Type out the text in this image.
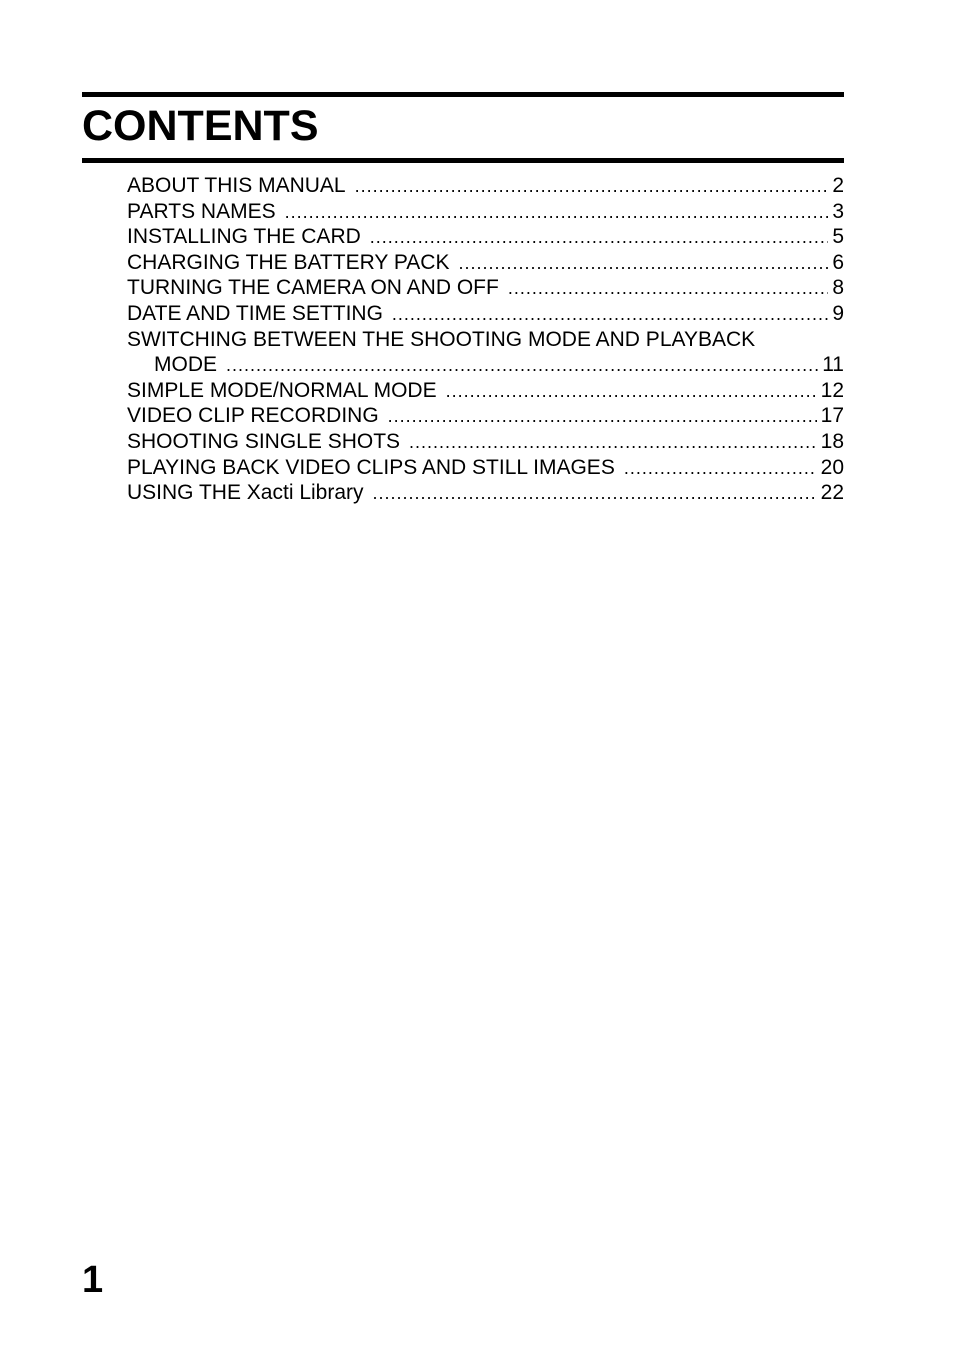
CONTENTS
ABOUT THIS MANUAL .....	2
PARTS NAMES .....	3
INSTALLING THE CARD .....	5
CHARGING THE BATTERY PACK .....	6
TURNING THE CAMERA ON AND OFF .....	8
DATE AND TIME SETTING .....	9
SWITCHING BETWEEN THE SHOOTING MODE AND PLAYBACK
MODE .....	11
SIMPLE MODE/NORMAL MODE .....	12
VIDEO CLIP RECORDING .....	17
SHOOTING SINGLE SHOTS .....	18
PLAYING BACK VIDEO CLIPS AND STILL IMAGES .....	20
USING THE Xacti Library .....	22
1
